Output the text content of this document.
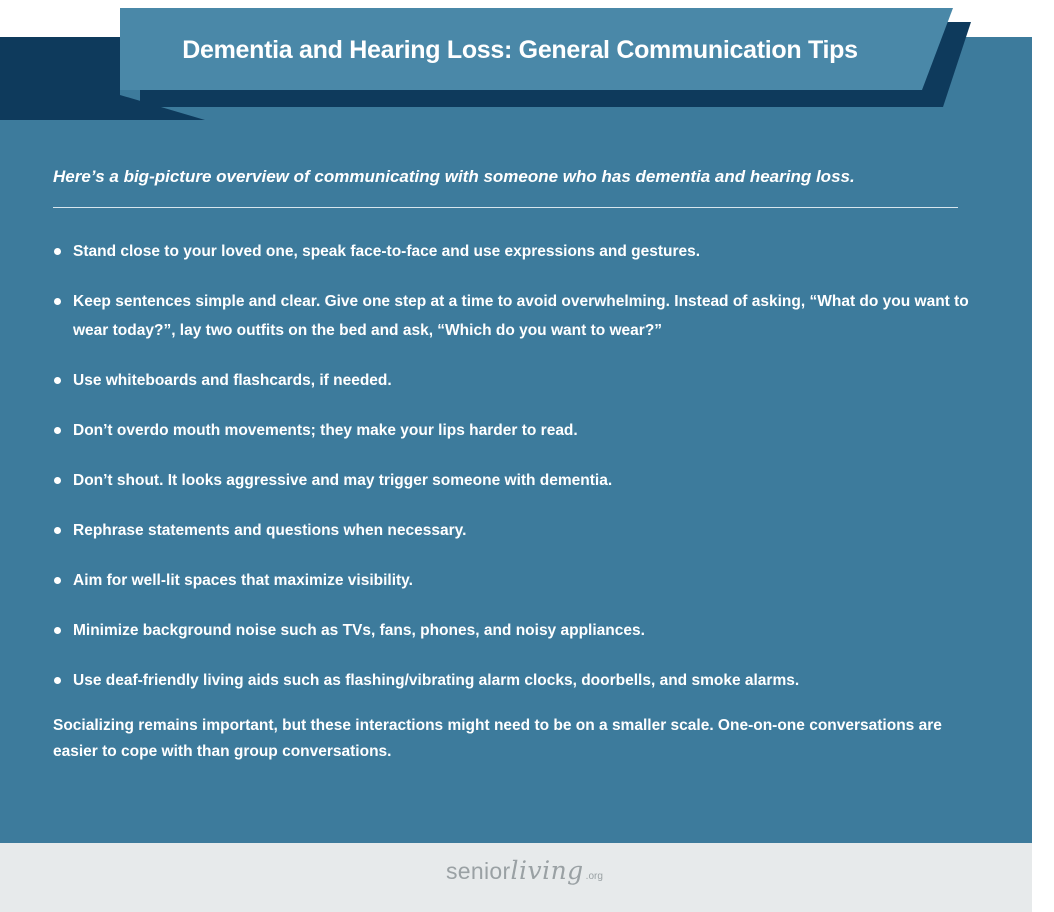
Dementia and Hearing Loss: General Communication Tips

Here’s a big-picture overview of communicating with someone who has dementia and hearing loss.

Stand close to your loved one, speak face-to-face and use expressions and gestures.
Keep sentences simple and clear. Give one step at a time to avoid overwhelming. Instead of asking, “What do you want to wear today?”, lay two outfits on the bed and ask, “Which do you want to wear?”
Use whiteboards and flashcards, if needed.
Don’t overdo mouth movements; they make your lips harder to read.
Don’t shout. It looks aggressive and may trigger someone with dementia.
Rephrase statements and questions when necessary.
Aim for well-lit spaces that maximize visibility.
Minimize background noise such as TVs, fans, phones, and noisy appliances.
Use deaf-friendly living aids such as flashing/vibrating alarm clocks, doorbells, and smoke alarms.

Socializing remains important, but these interactions might need to be on a smaller scale. One-on-one conversations are easier to cope with than group conversations.

senior living .org
